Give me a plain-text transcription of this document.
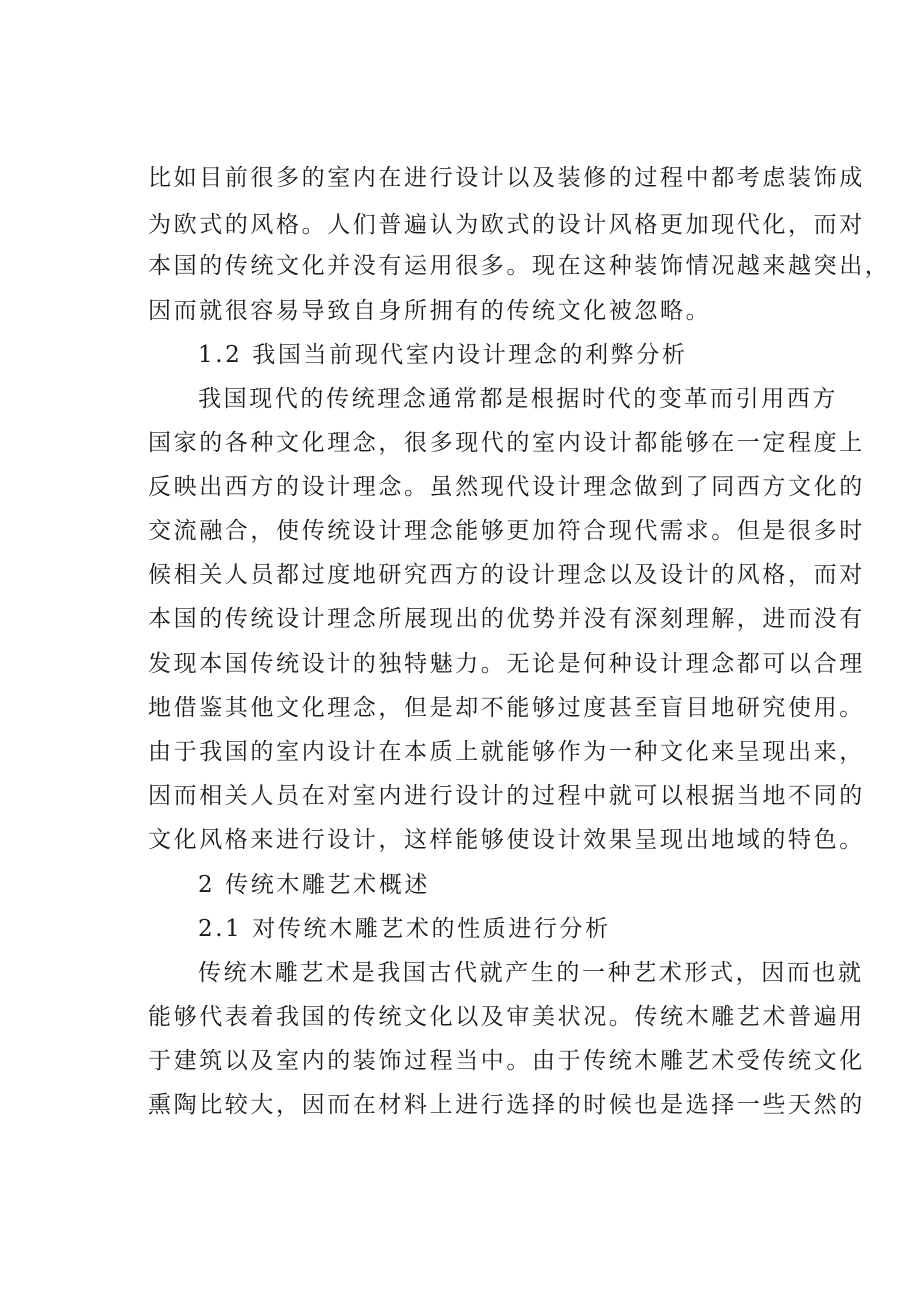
比如目前很多的室内在进行设计以及装修的过程中都考虑装饰成
为欧式的风格。人们普遍认为欧式的设计风格更加现代化，而对
本国的传统文化并没有运用很多。现在这种装饰情况越来越突出，
因而就很容易导致自身所拥有的传统文化被忽略。
1.2 我国当前现代室内设计理念的利弊分析
我国现代的传统理念通常都是根据时代的变革而引用西方
国家的各种文化理念，很多现代的室内设计都能够在一定程度上
反映出西方的设计理念。虽然现代设计理念做到了同西方文化的
交流融合，使传统设计理念能够更加符合现代需求。但是很多时
候相关人员都过度地研究西方的设计理念以及设计的风格，而对
本国的传统设计理念所展现出的优势并没有深刻理解，进而没有
发现本国传统设计的独特魅力。无论是何种设计理念都可以合理
地借鉴其他文化理念，但是却不能够过度甚至盲目地研究使用。
由于我国的室内设计在本质上就能够作为一种文化来呈现出来，
因而相关人员在对室内进行设计的过程中就可以根据当地不同的
文化风格来进行设计，这样能够使设计效果呈现出地域的特色。
2 传统木雕艺术概述
2.1 对传统木雕艺术的性质进行分析
传统木雕艺术是我国古代就产生的一种艺术形式，因而也就
能够代表着我国的传统文化以及审美状况。传统木雕艺术普遍用
于建筑以及室内的装饰过程当中。由于传统木雕艺术受传统文化
熏陶比较大，因而在材料上进行选择的时候也是选择一些天然的
